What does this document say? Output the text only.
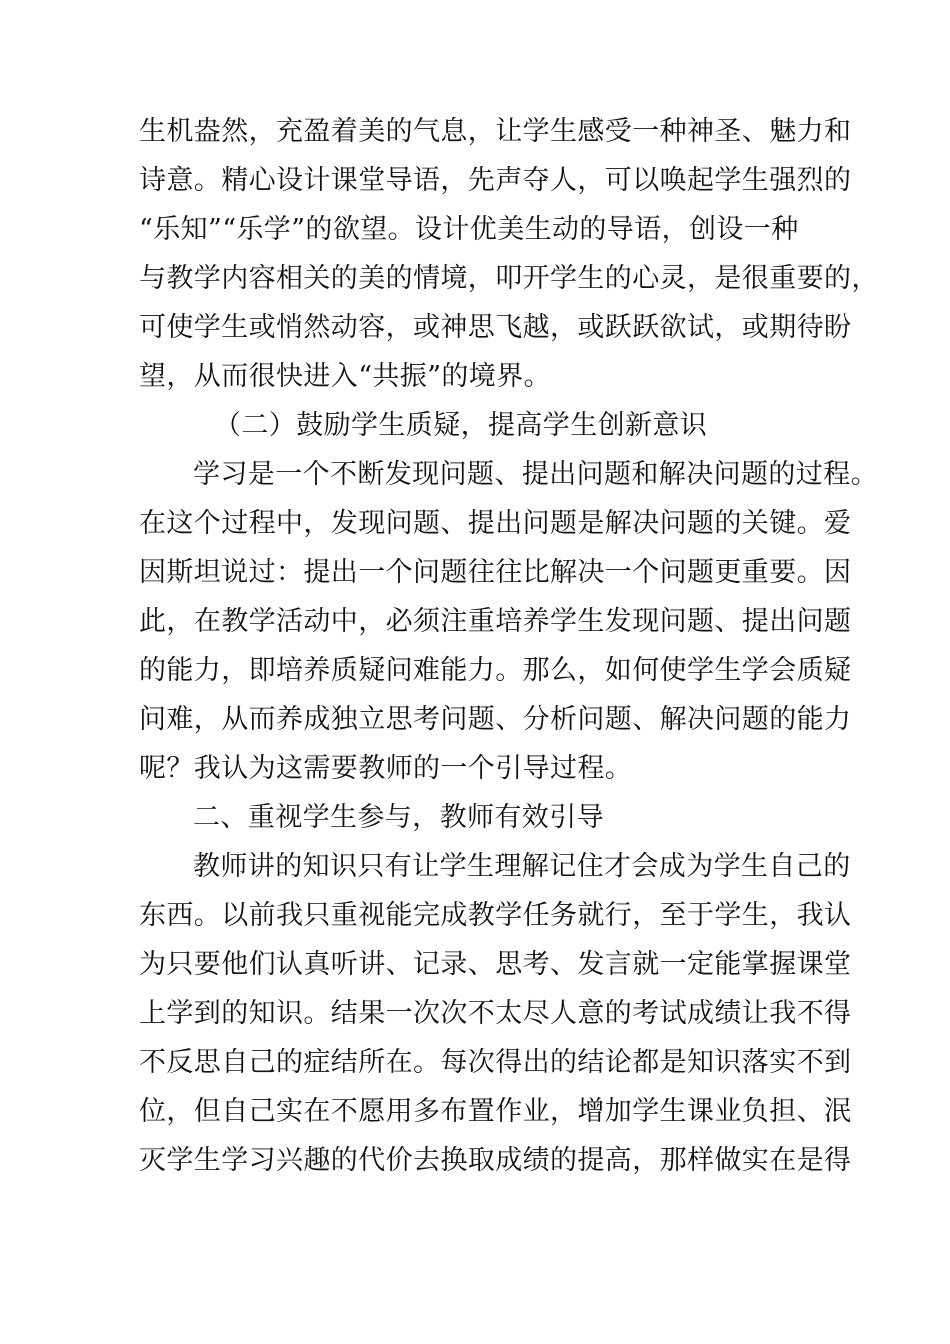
生机盎然，充盈着美的气息，让学生感受一种神圣、魅力和
诗意。精心设计课堂导语，先声夺人，可以唤起学生强烈的
“乐知”“乐学”的欲望。设计优美生动的导语，创设一种
与教学内容相关的美的情境，叩开学生的心灵，是很重要的，
可使学生或悄然动容，或神思飞越，或跃跃欲试，或期待盼
望，从而很快进入“共振”的境界。
（二）鼓励学生质疑，提高学生创新意识
学习是一个不断发现问题、提出问题和解决问题的过程。
在这个过程中，发现问题、提出问题是解决问题的关键。爱
因斯坦说过：提出一个问题往往比解决一个问题更重要。因
此，在教学活动中，必须注重培养学生发现问题、提出问题
的能力，即培养质疑问难能力。那么，如何使学生学会质疑
问难，从而养成独立思考问题、分析问题、解决问题的能力
呢？我认为这需要教师的一个引导过程。
二、重视学生参与，教师有效引导
教师讲的知识只有让学生理解记住才会成为学生自己的
东西。以前我只重视能完成教学任务就行，至于学生，我认
为只要他们认真听讲、记录、思考、发言就一定能掌握课堂
上学到的知识。结果一次次不太尽人意的考试成绩让我不得
不反思自己的症结所在。每次得出的结论都是知识落实不到
位，但自己实在不愿用多布置作业，增加学生课业负担、泯
灭学生学习兴趣的代价去换取成绩的提高，那样做实在是得
